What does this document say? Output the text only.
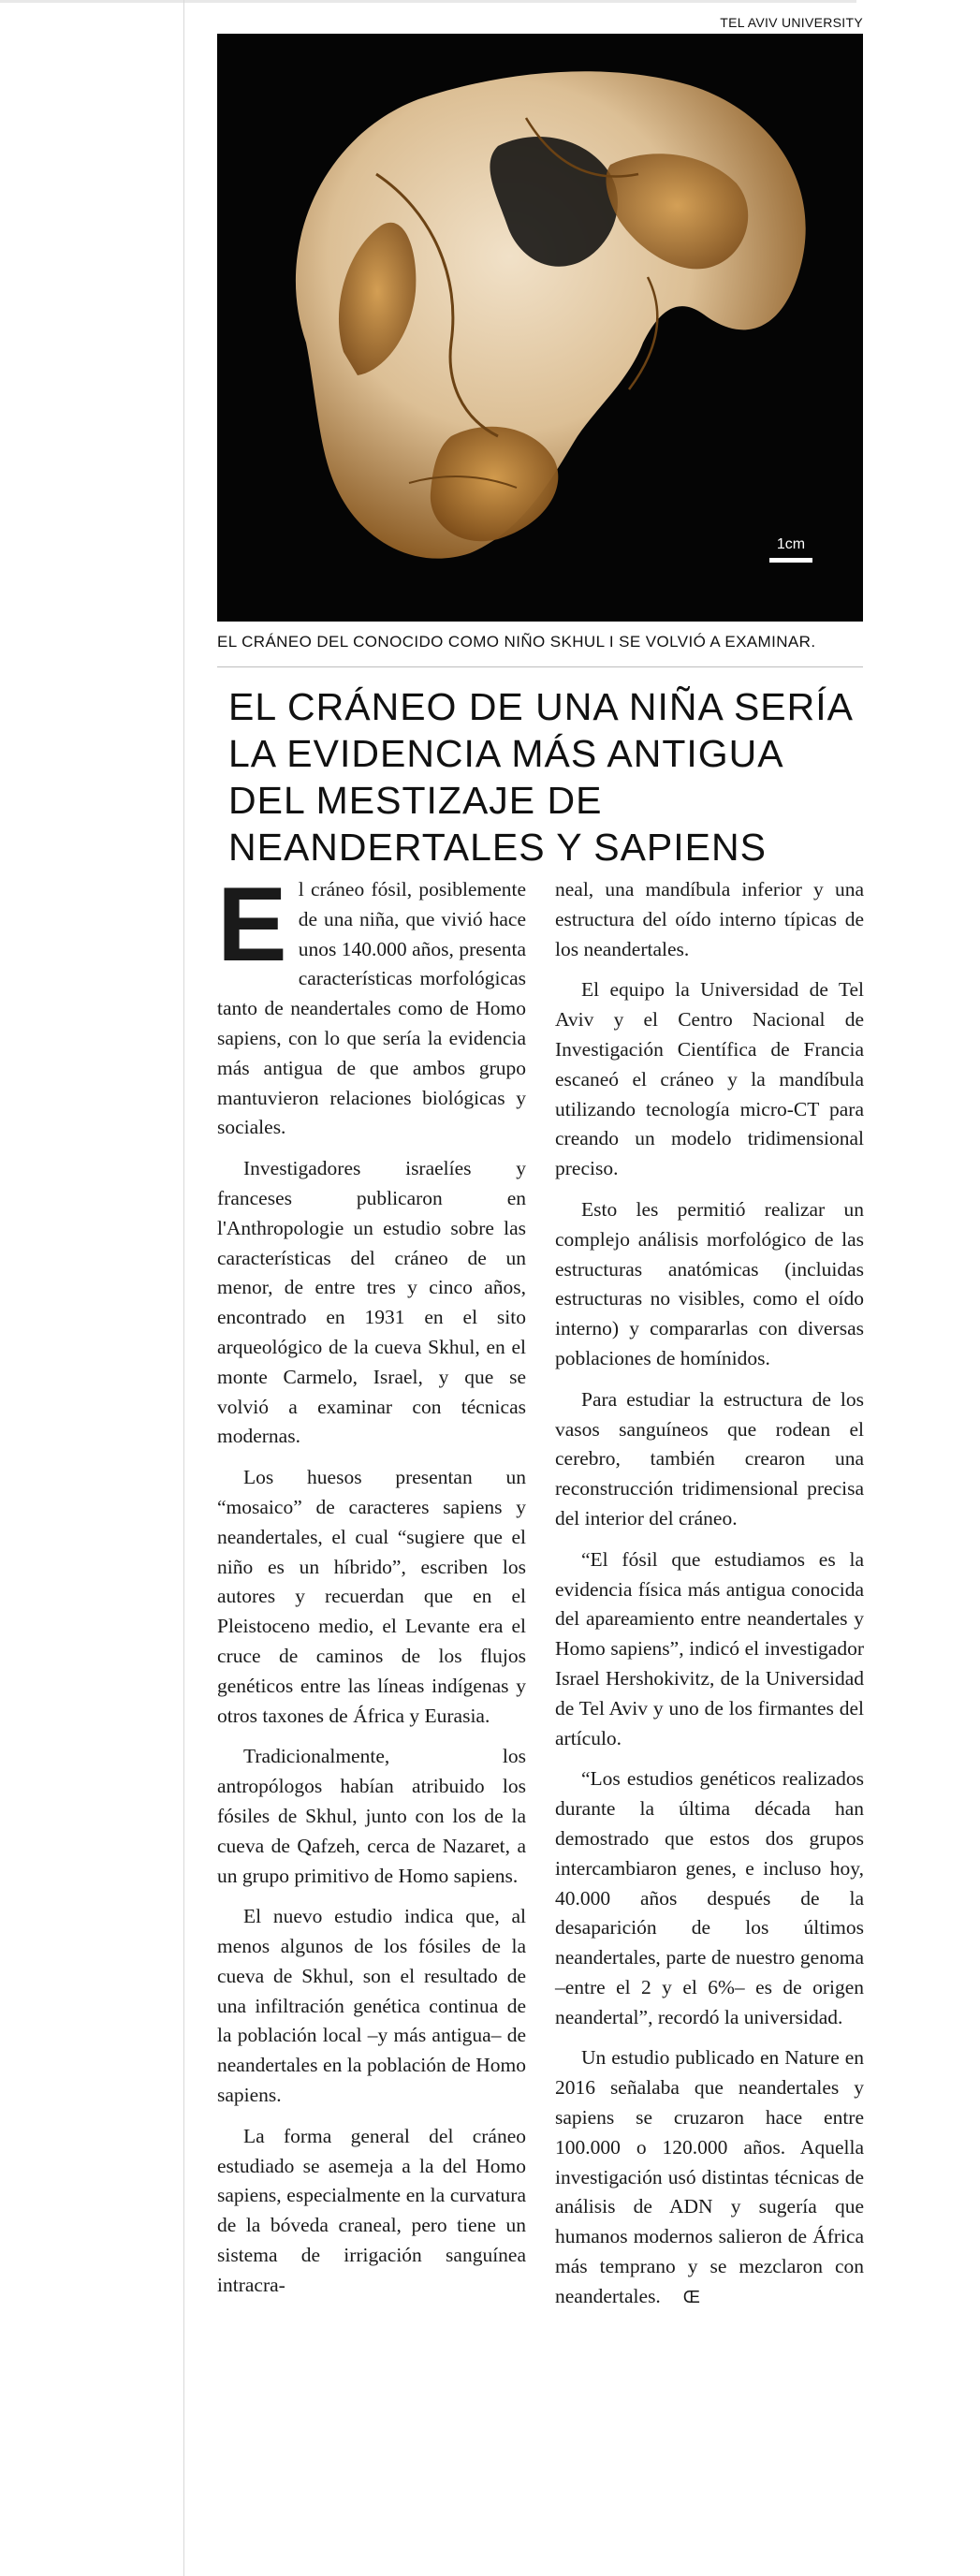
TEL AVIV UNIVERSITY
1cm
EL CRÁNEO DEL CONOCIDO COMO NIÑO SKHUL I SE VOLVIÓ A EXAMINAR.
EL CRÁNEO DE UNA NIÑA SERÍA LA EVIDENCIA MÁS ANTIGUA DEL MESTIZAJE DE NEANDERTALES Y SAPIENS

El cráneo fósil, posiblemente de una niña, que vivió hace unos 140.000 años, presenta características morfológicas tanto de neandertales como de Homo sapiens, con lo que sería la evidencia más antigua de que ambos grupo mantuvieron relaciones biológicas y sociales.

Investigadores israelíes y franceses publicaron en l'Anthropologie un estudio sobre las características del cráneo de un menor, de entre tres y cinco años, encontrado en 1931 en el sito arqueológico de la cueva Skhul, en el monte Carmelo, Israel, y que se volvió a examinar con técnicas modernas.

Los huesos presentan un “mosaico” de caracteres sapiens y neandertales, el cual “sugiere que el niño es un híbrido”, escriben los autores y recuerdan que en el Pleistoceno medio, el Levante era el cruce de caminos de los flujos genéticos entre las líneas indígenas y otros taxones de África y Eurasia.

Tradicionalmente, los antropólogos habían atribuido los fósiles de Skhul, junto con los de la cueva de Qafzeh, cerca de Nazaret, a un grupo primitivo de Homo sapiens.

El nuevo estudio indica que, al menos algunos de los fósiles de la cueva de Skhul, son el resultado de una infiltración genética continua de la población local –y más antigua– de neandertales en la población de Homo sapiens.

La forma general del cráneo estudiado se asemeja a la del Homo sapiens, especialmente en la curvatura de la bóveda craneal, pero tiene un sistema de irrigación sanguínea intracra-

neal, una mandíbula inferior y una estructura del oído interno típicas de los neandertales.

El equipo la Universidad de Tel Aviv y el Centro Nacional de Investigación Científica de Francia escaneó el cráneo y la mandíbula utilizando tecnología micro-CT para creando un modelo tridimensional preciso.

Esto les permitió realizar un complejo análisis morfológico de las estructuras anatómicas (incluidas estructuras no visibles, como el oído interno) y compararlas con diversas poblaciones de homínidos.

Para estudiar la estructura de los vasos sanguíneos que rodean el cerebro, también crearon una reconstrucción tridimensional precisa del interior del cráneo.

“El fósil que estudiamos es la evidencia física más antigua conocida del apareamiento entre neandertales y Homo sapiens”, indicó el investigador Israel Hershokivitz, de la Universidad de Tel Aviv y uno de los firmantes del artículo.

“Los estudios genéticos realizados durante la última década han demostrado que estos dos grupos intercambiaron genes, e incluso hoy, 40.000 años después de la desaparición de los últimos neandertales, parte de nuestro genoma –entre el 2 y el 6%– es de origen neandertal”, recordó la universidad.

Un estudio publicado en Nature en 2016 señalaba que neandertales y sapiens se cruzaron hace entre 100.000 o 120.000 años. Aquella investigación usó distintas técnicas de análisis de ADN y sugería que humanos modernos salieron de África más temprano y se mezclaron con neandertales. Œ
